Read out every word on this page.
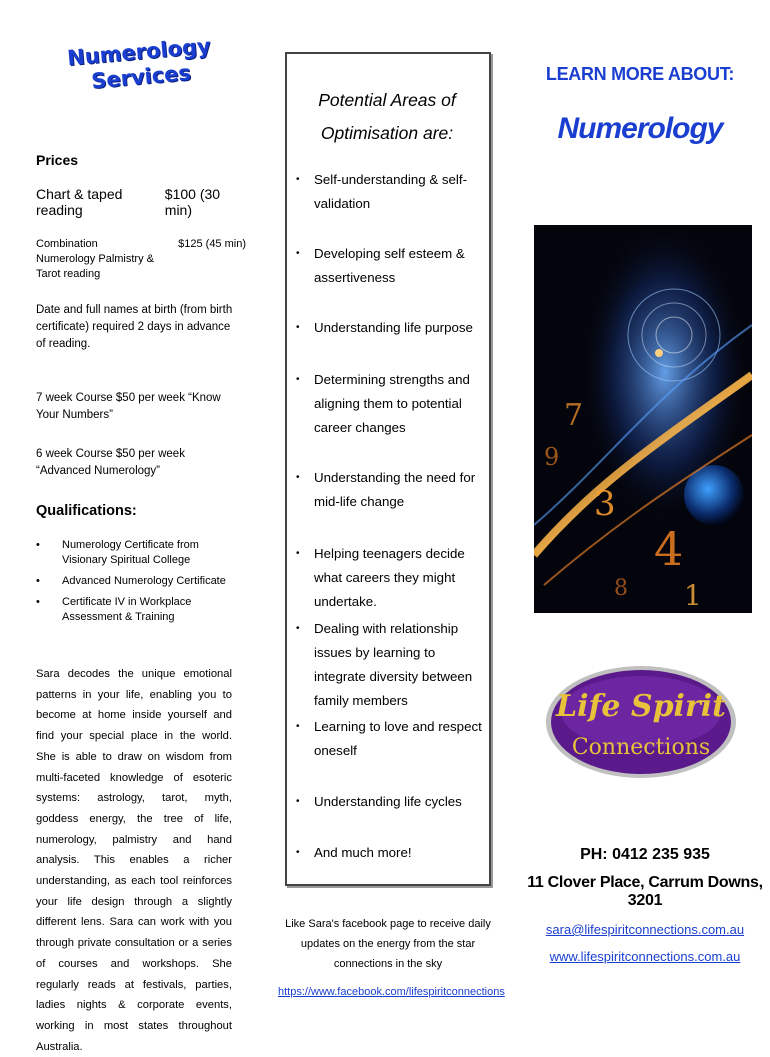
Numerology
Services
Prices
Chart & taped reading
$100 (30 min)
Combination Numerology Palmistry & Tarot reading
$125 (45 min)
Date and full names at birth (from birth certificate) required 2 days in advance of reading.
7 week Course $50 per week “Know Your Numbers”
6 week Course $50 per week “Advanced Numerology”
Qualifications:
• Numerology Certificate from Visionary Spiritual College
• Advanced Numerology Certificate
• Certificate IV in Workplace Assessment & Training
Sara decodes the unique emotional patterns in your life, enabling you to become at home inside yourself and find your special place in the world. She is able to draw on wisdom from multi-faceted knowledge of esoteric systems: astrology, tarot, myth, goddess energy, the tree of life, numerology, palmistry and hand analysis. This enables a richer understanding, as each tool reinforces your life design through a slightly different lens. Sara can work with you through private consultation or a series of courses and workshops. She regularly reads at festivals, parties, ladies nights & corporate events, working in most states throughout Australia.
Potential Areas of
Optimisation are:
• Self-understanding & self-validation
• Developing self esteem & assertiveness
• Understanding life purpose
• Determining strengths and aligning them to potential career changes
• Understanding the need for mid-life change
• Helping teenagers decide what careers they might undertake.
• Dealing with relationship issues by learning to integrate diversity between family members
• Learning to love and respect oneself
• Understanding life cycles
• And much more!
Like Sara's facebook page to receive daily updates on the energy from the star connections in the sky
https://www.facebook.com/lifespiritconnections
LEARN MORE ABOUT:
Numerology
7
9
3
4
1
8
Life Spirit
Connections
PH: 0412 235 935
11 Clover Place, Carrum Downs, 3201
sara@lifespiritconnections.com.au
www.lifespiritconnections.com.au
